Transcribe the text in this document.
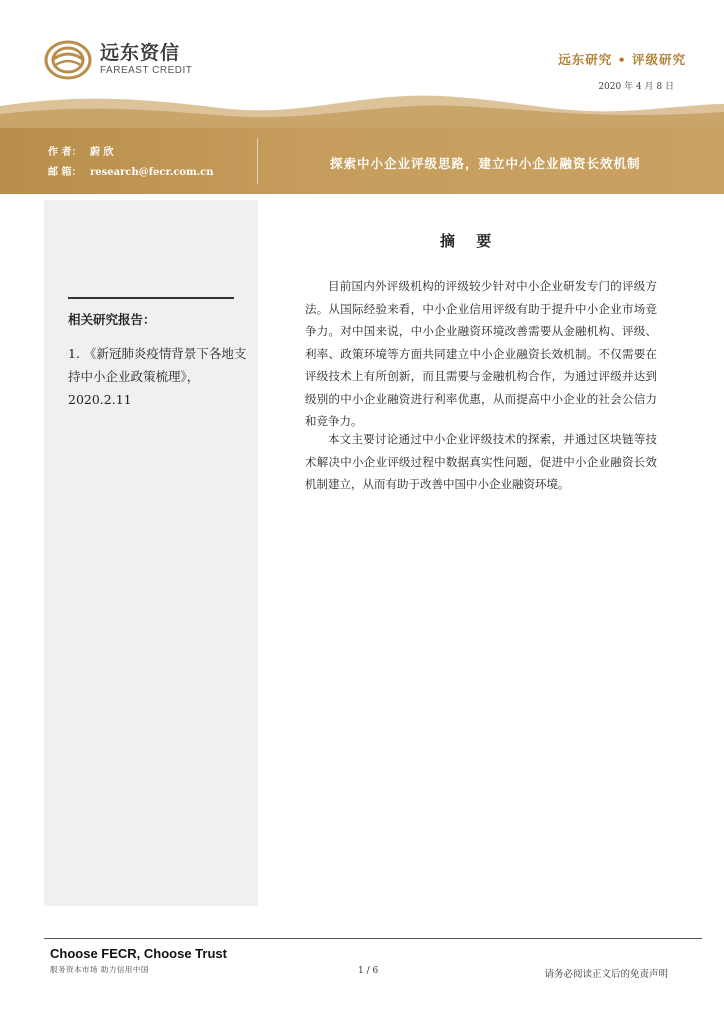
远东资信
FAREAST CREDIT
远东研究 • 评级研究
2020 年 4 月 8 日
作 者： 蔚 欣
邮 箱： research@fecr.com.cn
探索中小企业评级思路，建立中小企业融资长效机制
相关研究报告：
1. 《新冠肺炎疫情背景下各地支持中小企业政策梳理》，
2020.2.11
摘 要

目前国内外评级机构的评级较少针对中小企业研发专门的评级方法。从国际经验来看，中小企业信用评级有助于提升中小企业市场竞争力。对中国来说，中小企业融资环境改善需要从金融机构、评级、利率、政策环境等方面共同建立中小企业融资长效机制。不仅需要在评级技术上有所创新，而且需要与金融机构合作，为通过评级并达到级别的中小企业融资进行利率优惠，从而提高中小企业的社会公信力和竞争力。

本文主要讨论通过中小企业评级技术的探索，并通过区块链等技术解决中小企业评级过程中数据真实性问题，促进中小企业融资长效机制建立，从而有助于改善中国中小企业融资环境。

Choose FECR, Choose Trust
服务资本市场 助力信用中国	1 / 6	请务必阅读正文后的免责声明
